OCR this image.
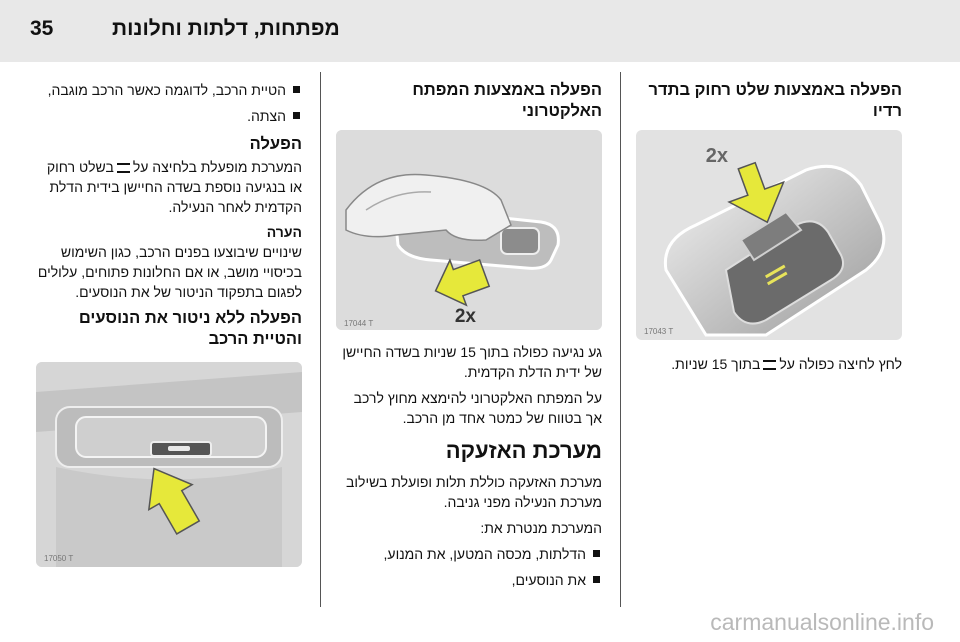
35	מפתחות, דלתות וחלונות
הפעלה באמצעות שלט רחוק בתדר רדיו
2x
17043 T
לחץ לחיצה כפולה עלבתוך 15 שניות.
הפעלה באמצעות המפתח האלקטרוני
2x
17044 T
גע נגיעה כפולה בתוך 15 שניות בשדה החיישן של ידית הדלת הקדמית.
על המפתח האלקטרוני להימצא מחוץ לרכב אך בטווח של כמטר אחד מן הרכב.
מערכת האזעקה
מערכת האזעקה כוללת תלות ופועלת בשילוב מערכת הנעילה מפני גניבה.
המערכת מנטרת את:
הדלתות, מכסה המטען, את המנוע,
את הנוסעים,
הטיית הרכב, לדוגמה כאשר הרכב מוגבה,
הצתה.
הפעלה
המערכת מופעלת בלחיצה עלבשלט רחוק או בנגיעה נוספת בשדה החיישן בידית הדלת הקדמית לאחר הנעילה.
הערה
שינויים שיבוצעו בפנים הרכב, כגון השימוש בכיסויי מושב, או אם החלונות פתוחים, עלולים לפגום בתפקוד הניטור של את הנוסעים.
הפעלה ללא ניטור את הנוסעים והטיית הרכב
17050 T
carmanualsonline.info
